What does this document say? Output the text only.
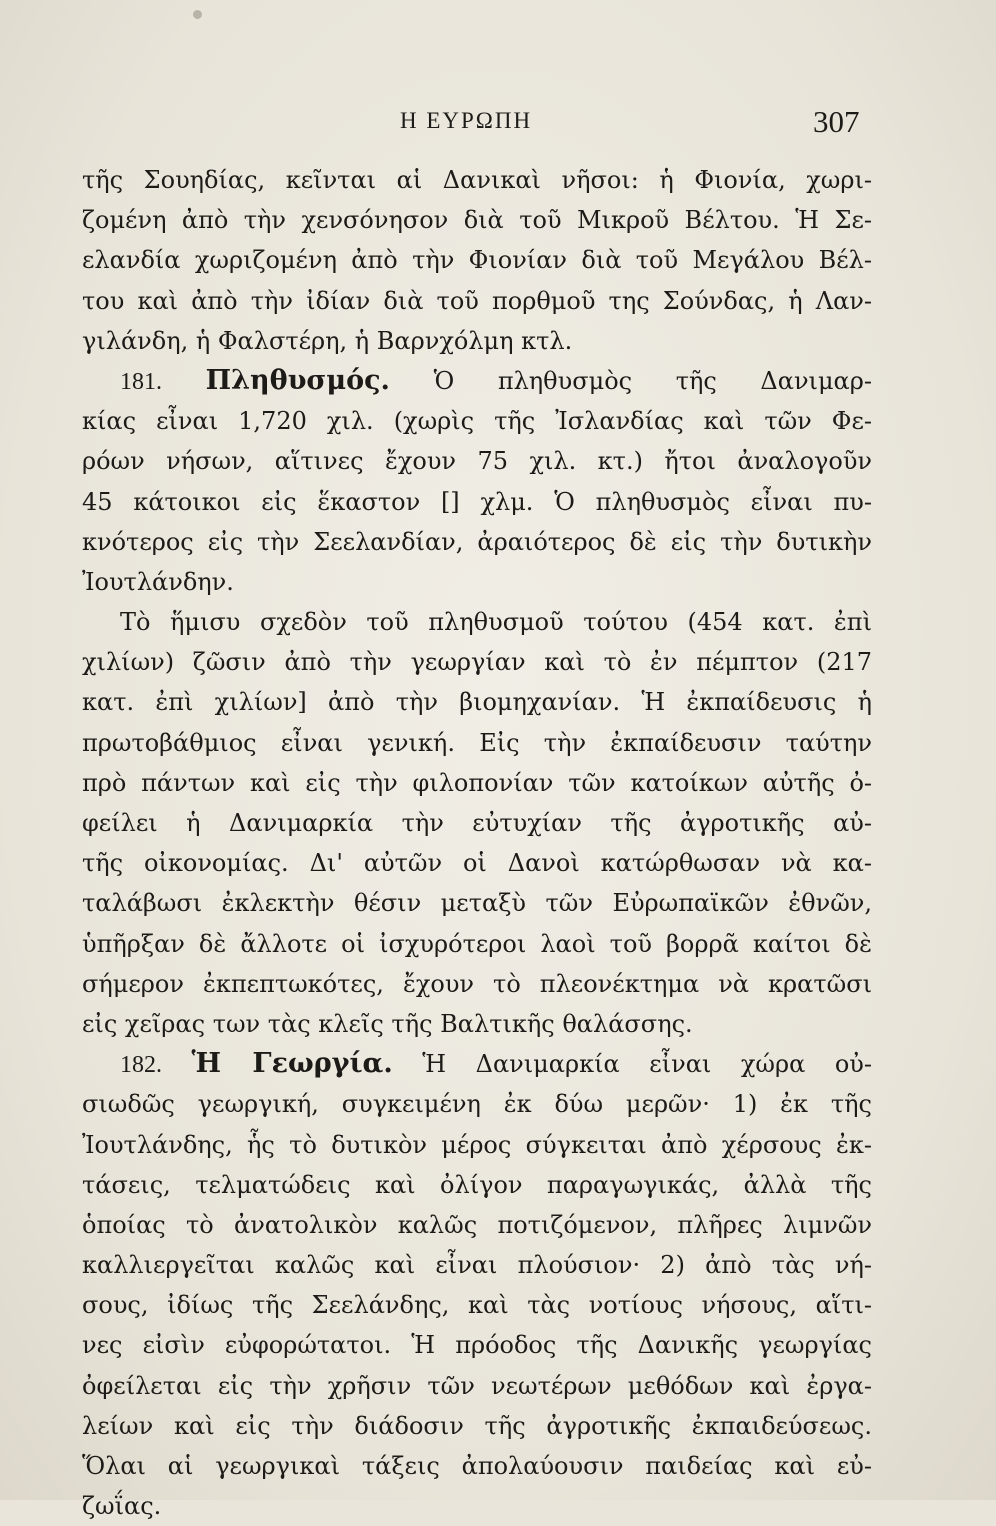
Η ΕΥΡΩΠΗ	307
τῆς Σουηδίας, κεῖνται αἱ Δανικαὶ νῆσοι: ἡ Φιονία, χωρι-
ζομένη ἀπὸ τὴν χενσόνησον διὰ τοῦ Μικροῦ Βέλτου. Ἡ Σε-
ελανδία χωριζομένη ἀπὸ τὴν Φιονίαν διὰ τοῦ Μεγάλου Βέλ-
του καὶ ἀπὸ τὴν ἰδίαν διὰ τοῦ πορθμοῦ της Σούνδας, ἡ Λαν-
γιλάνδη, ἡ Φαλστέρη, ἡ Βαρνχόλμη κτλ.
181. Πληθυσμός. Ὁ πληθυσμὸς τῆς Δανιμαρ-
κίας εἶναι 1,720 χιλ. (χωρὶς τῆς Ἰσλανδίας καὶ τῶν Φε-
ρόων νήσων, αἵτινες ἔχουν 75 χιλ. κτ.) ἤτοι ἀναλογοῦν
45 κάτοικοι εἰς ἕκαστον [] χλμ. Ὁ πληθυσμὸς εἶναι πυ-
κνότερος εἰς τὴν Σεελανδίαν, ἀραιότερος δὲ εἰς τὴν δυτικὴν
Ἰουτλάνδην.
Τὸ ἥμισυ σχεδὸν τοῦ πληθυσμοῦ τούτου (454 κατ. ἐπὶ
χιλίων) ζῶσιν ἀπὸ τὴν γεωργίαν καὶ τὸ ἐν πέμπτον (217
κατ. ἐπὶ χιλίων] ἀπὸ τὴν βιομηχανίαν. Ἡ ἐκπαίδευσις ἡ
πρωτοβάθμιος εἶναι γενική. Εἰς τὴν ἐκπαίδευσιν ταύτην
πρὸ πάντων καὶ εἰς τὴν φιλοπονίαν τῶν κατοίκων αὐτῆς ὀ-
φείλει ἡ Δανιμαρκία τὴν εὐτυχίαν τῆς ἀγροτικῆς αὐ-
τῆς οἰκονομίας. Δι' αὐτῶν οἱ Δανοὶ κατώρθωσαν νὰ κα-
ταλάβωσι ἐκλεκτὴν θέσιν μεταξὺ τῶν Εὐρωπαϊκῶν ἐθνῶν,
ὑπῆρξαν δὲ ἄλλοτε οἱ ἰσχυρότεροι λαοὶ τοῦ βορρᾶ καίτοι δὲ
σήμερον ἐκπεπτωκότες, ἔχουν τὸ πλεονέκτημα νὰ κρατῶσι
εἰς χεῖρας των τὰς κλεῖς τῆς Βαλτικῆς θαλάσσης.
182. Ἡ Γεωργία. Ἡ Δανιμαρκία εἶναι χώρα οὐ-
σιωδῶς γεωργική, συγκειμένη ἐκ δύω μερῶν· 1) ἐκ τῆς
Ἰουτλάνδης, ἧς τὸ δυτικὸν μέρος σύγκειται ἀπὸ χέρσους ἐκ-
τάσεις, τελματώδεις καὶ ὀλίγον παραγωγικάς, ἀλλὰ τῆς
ὁποίας τὸ ἀνατολικὸν καλῶς ποτιζόμενον, πλῆρες λιμνῶν
καλλιεργεῖται καλῶς καὶ εἶναι πλούσιον· 2) ἀπὸ τὰς νή-
σους, ἰδίως τῆς Σεελάνδης, καὶ τὰς νοτίους νήσους, αἵτι-
νες εἰσὶν εὐφορώτατοι. Ἡ πρόοδος τῆς Δανικῆς γεωργίας
ὀφείλεται εἰς τὴν χρῆσιν τῶν νεωτέρων μεθόδων καὶ ἐργα-
λείων καὶ εἰς τὴν διάδοσιν τῆς ἀγροτικῆς ἐκπαιδεύσεως.
Ὅλαι αἱ γεωργικαὶ τάξεις ἀπολαύουσιν παιδείας καὶ εὐ-
ζωΐας.
